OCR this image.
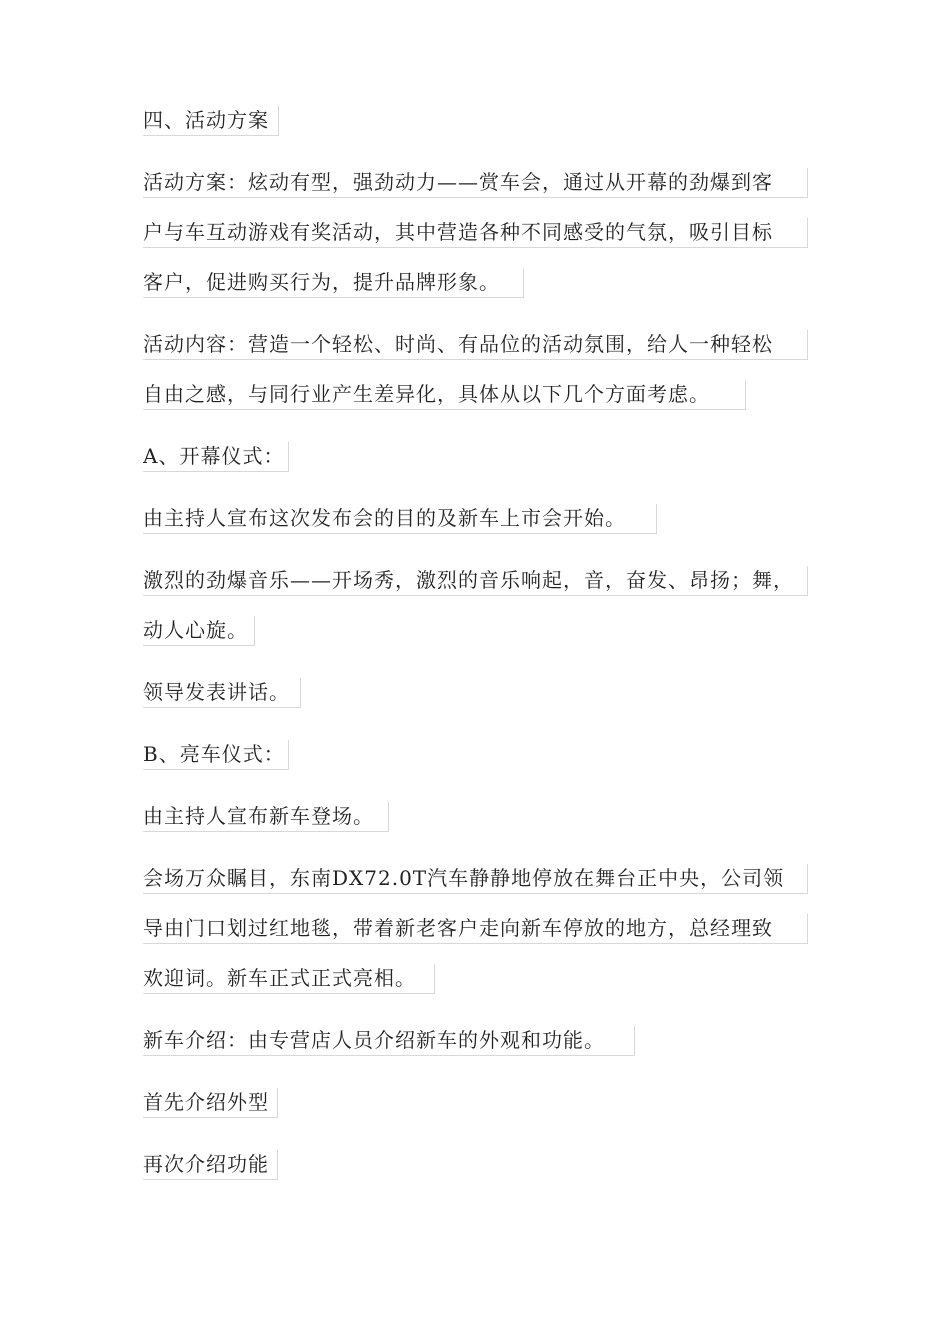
四、活动方案
活动方案：炫动有型，强劲动力——赏车会，通过从开幕的劲爆到客
户与车互动游戏有奖活动，其中营造各种不同感受的气氛，吸引目标
客户，促进购买行为，提升品牌形象。
活动内容：营造一个轻松、时尚、有品位的活动氛围，给人一种轻松
自由之感，与同行业产生差异化，具体从以下几个方面考虑。
A、开幕仪式：
由主持人宣布这次发布会的目的及新车上市会开始。
激烈的劲爆音乐——开场秀，激烈的音乐响起，音，奋发、昂扬；舞，
动人心旋。
领导发表讲话。
B、亮车仪式：
由主持人宣布新车登场。
会场万众瞩目，东南DX72.0T汽车静静地停放在舞台正中央，公司领
导由门口划过红地毯，带着新老客户走向新车停放的地方，总经理致
欢迎词。新车正式正式亮相。
新车介绍：由专营店人员介绍新车的外观和功能。
首先介绍外型
再次介绍功能
